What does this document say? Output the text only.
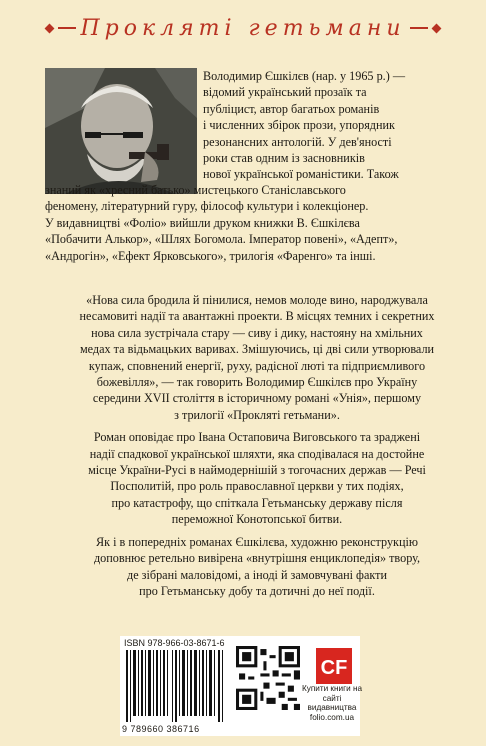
Прокляті гетьмани
Володимир Єшкілєв (нар. у 1965 р.) —
відомий український прозаїк та
публіцист, автор багатьох романів
і численних збірок прози, упорядник
резонансних антологій. У дев'яності
роки став одним із засновників
нової української романістики. Також
знаний як «хресний батько» мистецького Станіславського
феномену, літературний гуру, філософ культури і колекціонер.
У видавництві «Фоліо» вийшли друком книжки В. Єшкілєва
«Побачити Алькор», «Шлях Богомола. Імператор повені», «Адепт»,
«Андрогін», «Ефект Ярковського», трилогія «Фаренго» та інші.

«Нова сила бродила й пінилися, немов молоде вино, народжувала
несамовиті надії та авантажні проекти. В місцях темних і секретних
нова сила зустрічала стару — сиву і дику, настояну на хмільних
медах та відьмацьких варивах. Змішуючись, ці дві сили утворювали
купаж, сповнений енергії, руху, радісної люті та підприємливого
божевілля», — так говорить Володимир Єшкілєв про Україну
середини XVII століття в історичному романі «Унія», першому
з трилогії «Прокляті гетьмани».

Роман оповідає про Івана Остаповича Виговського та зраджені
надії спадкової української шляхти, яка сподівалася на достойне
місце України-Русі в наймодернішій з тогочасних держав — Речі
Посполитій, про роль православної церкви у тих подіях,
про катастрофу, що спіткала Гетьманську державу після
переможної Конотопської битви.

Як і в попередніх романах Єшкілєва, художню реконструкцію
доповнює ретельно вивірена «внутрішня енциклопедія» твору,
де зібрані маловідомі, а іноді й замовчувані факти
про Гетьманську добу та дотичні до неї події.

ISBN 978-966-03-8671-6
9 789660 386716
CF
Купити книги на сайті видавництва folio.com.ua
